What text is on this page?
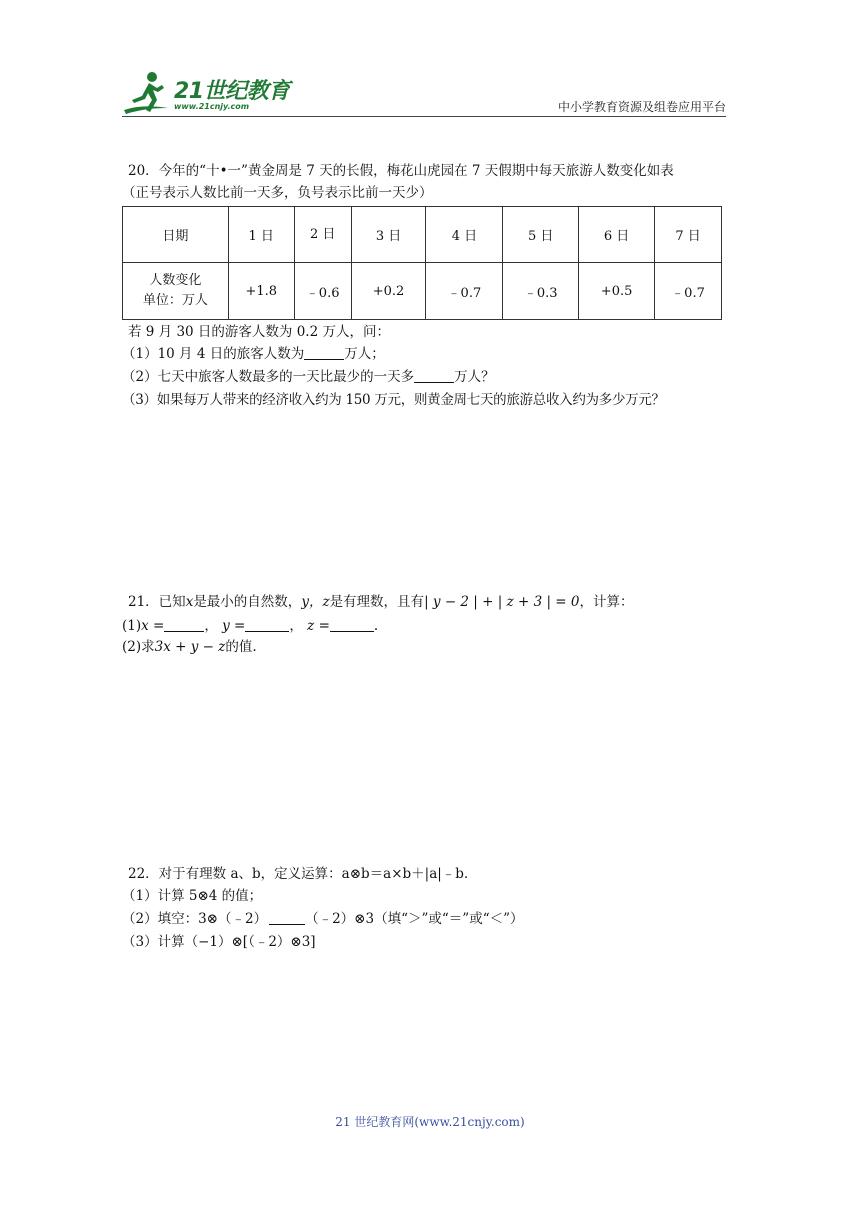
21世纪教育
www.21cnjy.com	中小学教育资源及组卷应用平台
20．今年的“十•一”黄金周是 7 天的长假，梅花山虎园在 7 天假期中每天旅游人数变化如表
（正号表示人数比前一天多，负号表示比前一天少）
日期	1 日	2 日	3 日	4 日	5 日	6 日	7 日

人数变化
单位：万人	+1.8	﹣0.6	+0.2	﹣0.7	﹣0.3	+0.5	﹣0.7
若 9 月 30 日的游客人数为 0.2 万人，问：
（1）10 月 4 日的旅客人数为	万人；
（2）七天中旅客人数最多的一天比最少的一天多	万人？
（3）如果每万人带来的经济收入约为 150 万元，则黄金周七天的旅游总收入约为多少万元？
21．已知x是最小的自然数，y，z是有理数，且有| y − 2 | + | z + 3 | = 0，计算：
(1)x =	， y =	， z =	.
(2)求3x + y − z的值.
22．对于有理数 a、b，定义运算：a⊗b＝a×b＋|a|﹣b．
（1）计算 5⊗4 的值；
（2）填空：3⊗（﹣2）	（﹣2）⊗3（填“＞”或“＝”或“＜”）
（3）计算（−1）⊗[（﹣2）⊗3]
21 世纪教育网(www.21cnjy.com)
